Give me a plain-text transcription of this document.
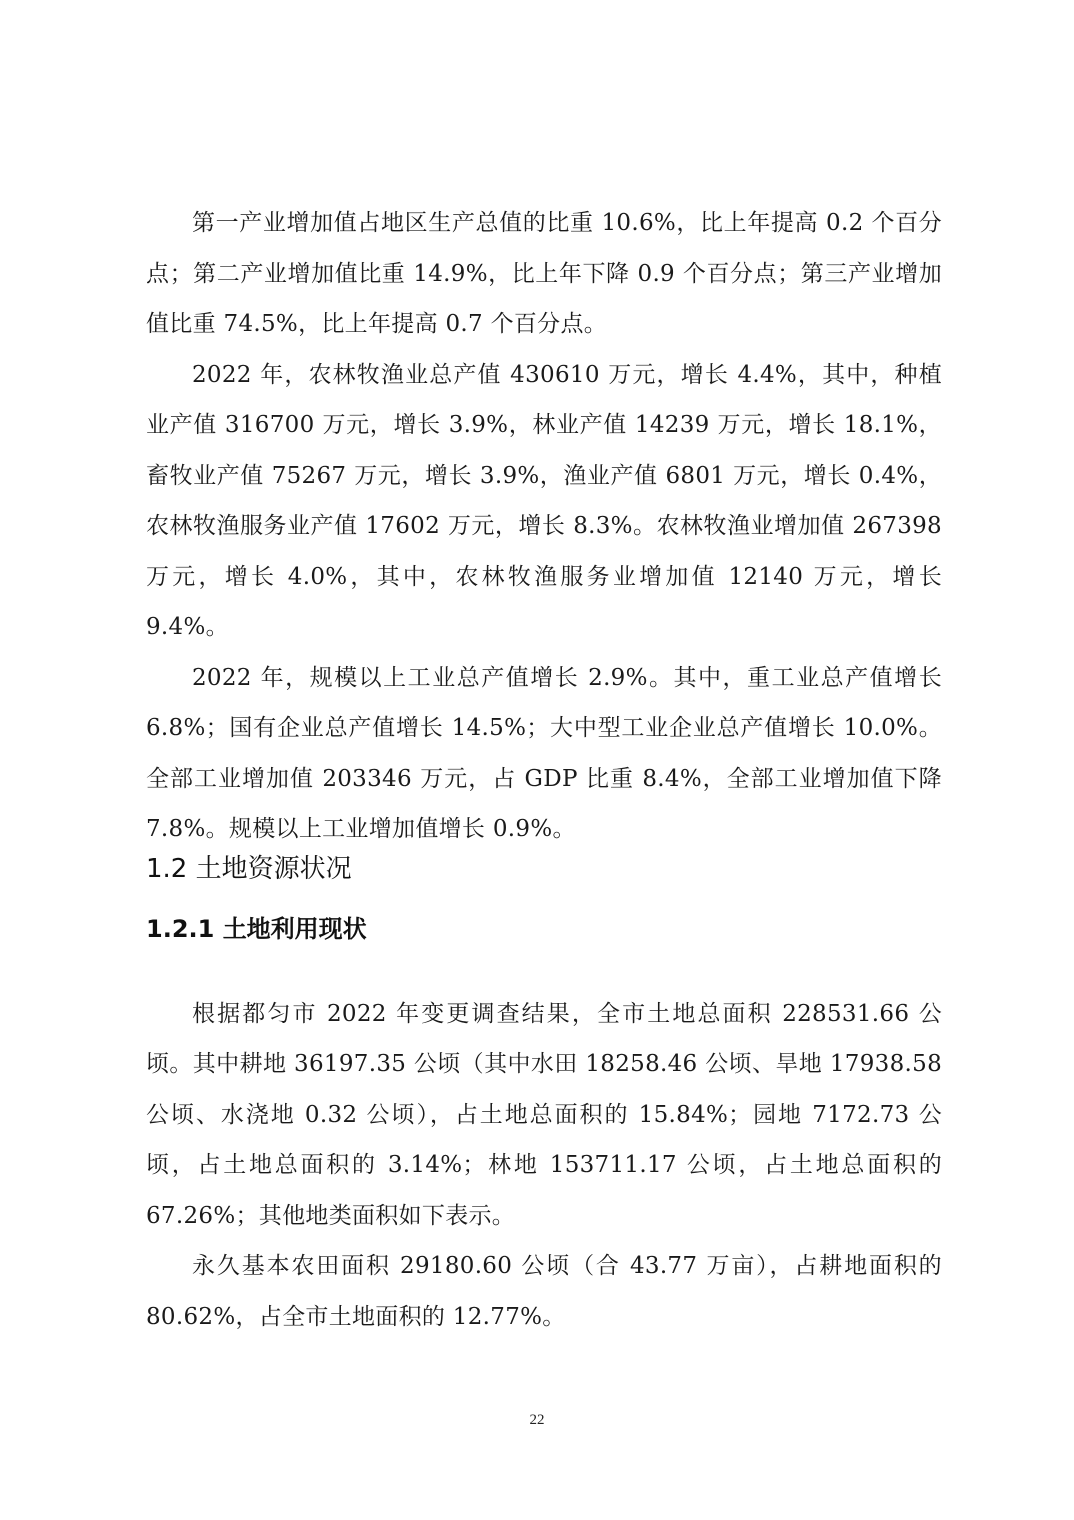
第一产业增加值占地区生产总值的比重 10.6%，比上年提高 0.2 个百分点；第二产业增加值比重 14.9%，比上年下降 0.9 个百分点；第三产业增加值比重 74.5%，比上年提高 0.7 个百分点。

2022 年，农林牧渔业总产值 430610 万元，增长 4.4%，其中，种植业产值 316700 万元，增长 3.9%，林业产值 14239 万元，增长 18.1%，畜牧业产值 75267 万元，增长 3.9%，渔业产值 6801 万元，增长 0.4%，农林牧渔服务业产值 17602 万元，增长 8.3%。农林牧渔业增加值 267398 万元，增长 4.0%，其中，农林牧渔服务业增加值 12140 万元，增长 9.4%。

2022 年，规模以上工业总产值增长 2.9%。其中，重工业总产值增长 6.8%；国有企业总产值增长 14.5%；大中型工业企业总产值增长 10.0%。全部工业增加值 203346 万元，占 GDP 比重 8.4%，全部工业增加值下降 7.8%。规模以上工业增加值增长 0.9%。

1.2 土地资源状况
1.2.1 土地利用现状

根据都匀市 2022 年变更调查结果，全市土地总面积 228531.66 公顷。其中耕地 36197.35 公顷（其中水田 18258.46 公顷、旱地 17938.58 公顷、水浇地 0.32 公顷），占土地总面积的 15.84%；园地 7172.73 公顷，占土地总面积的 3.14%；林地 153711.17 公顷，占土地总面积的 67.26%；其他地类面积如下表示。

永久基本农田面积 29180.60 公顷（合 43.77 万亩），占耕地面积的 80.62%，占全市土地面积的 12.77%。

22
